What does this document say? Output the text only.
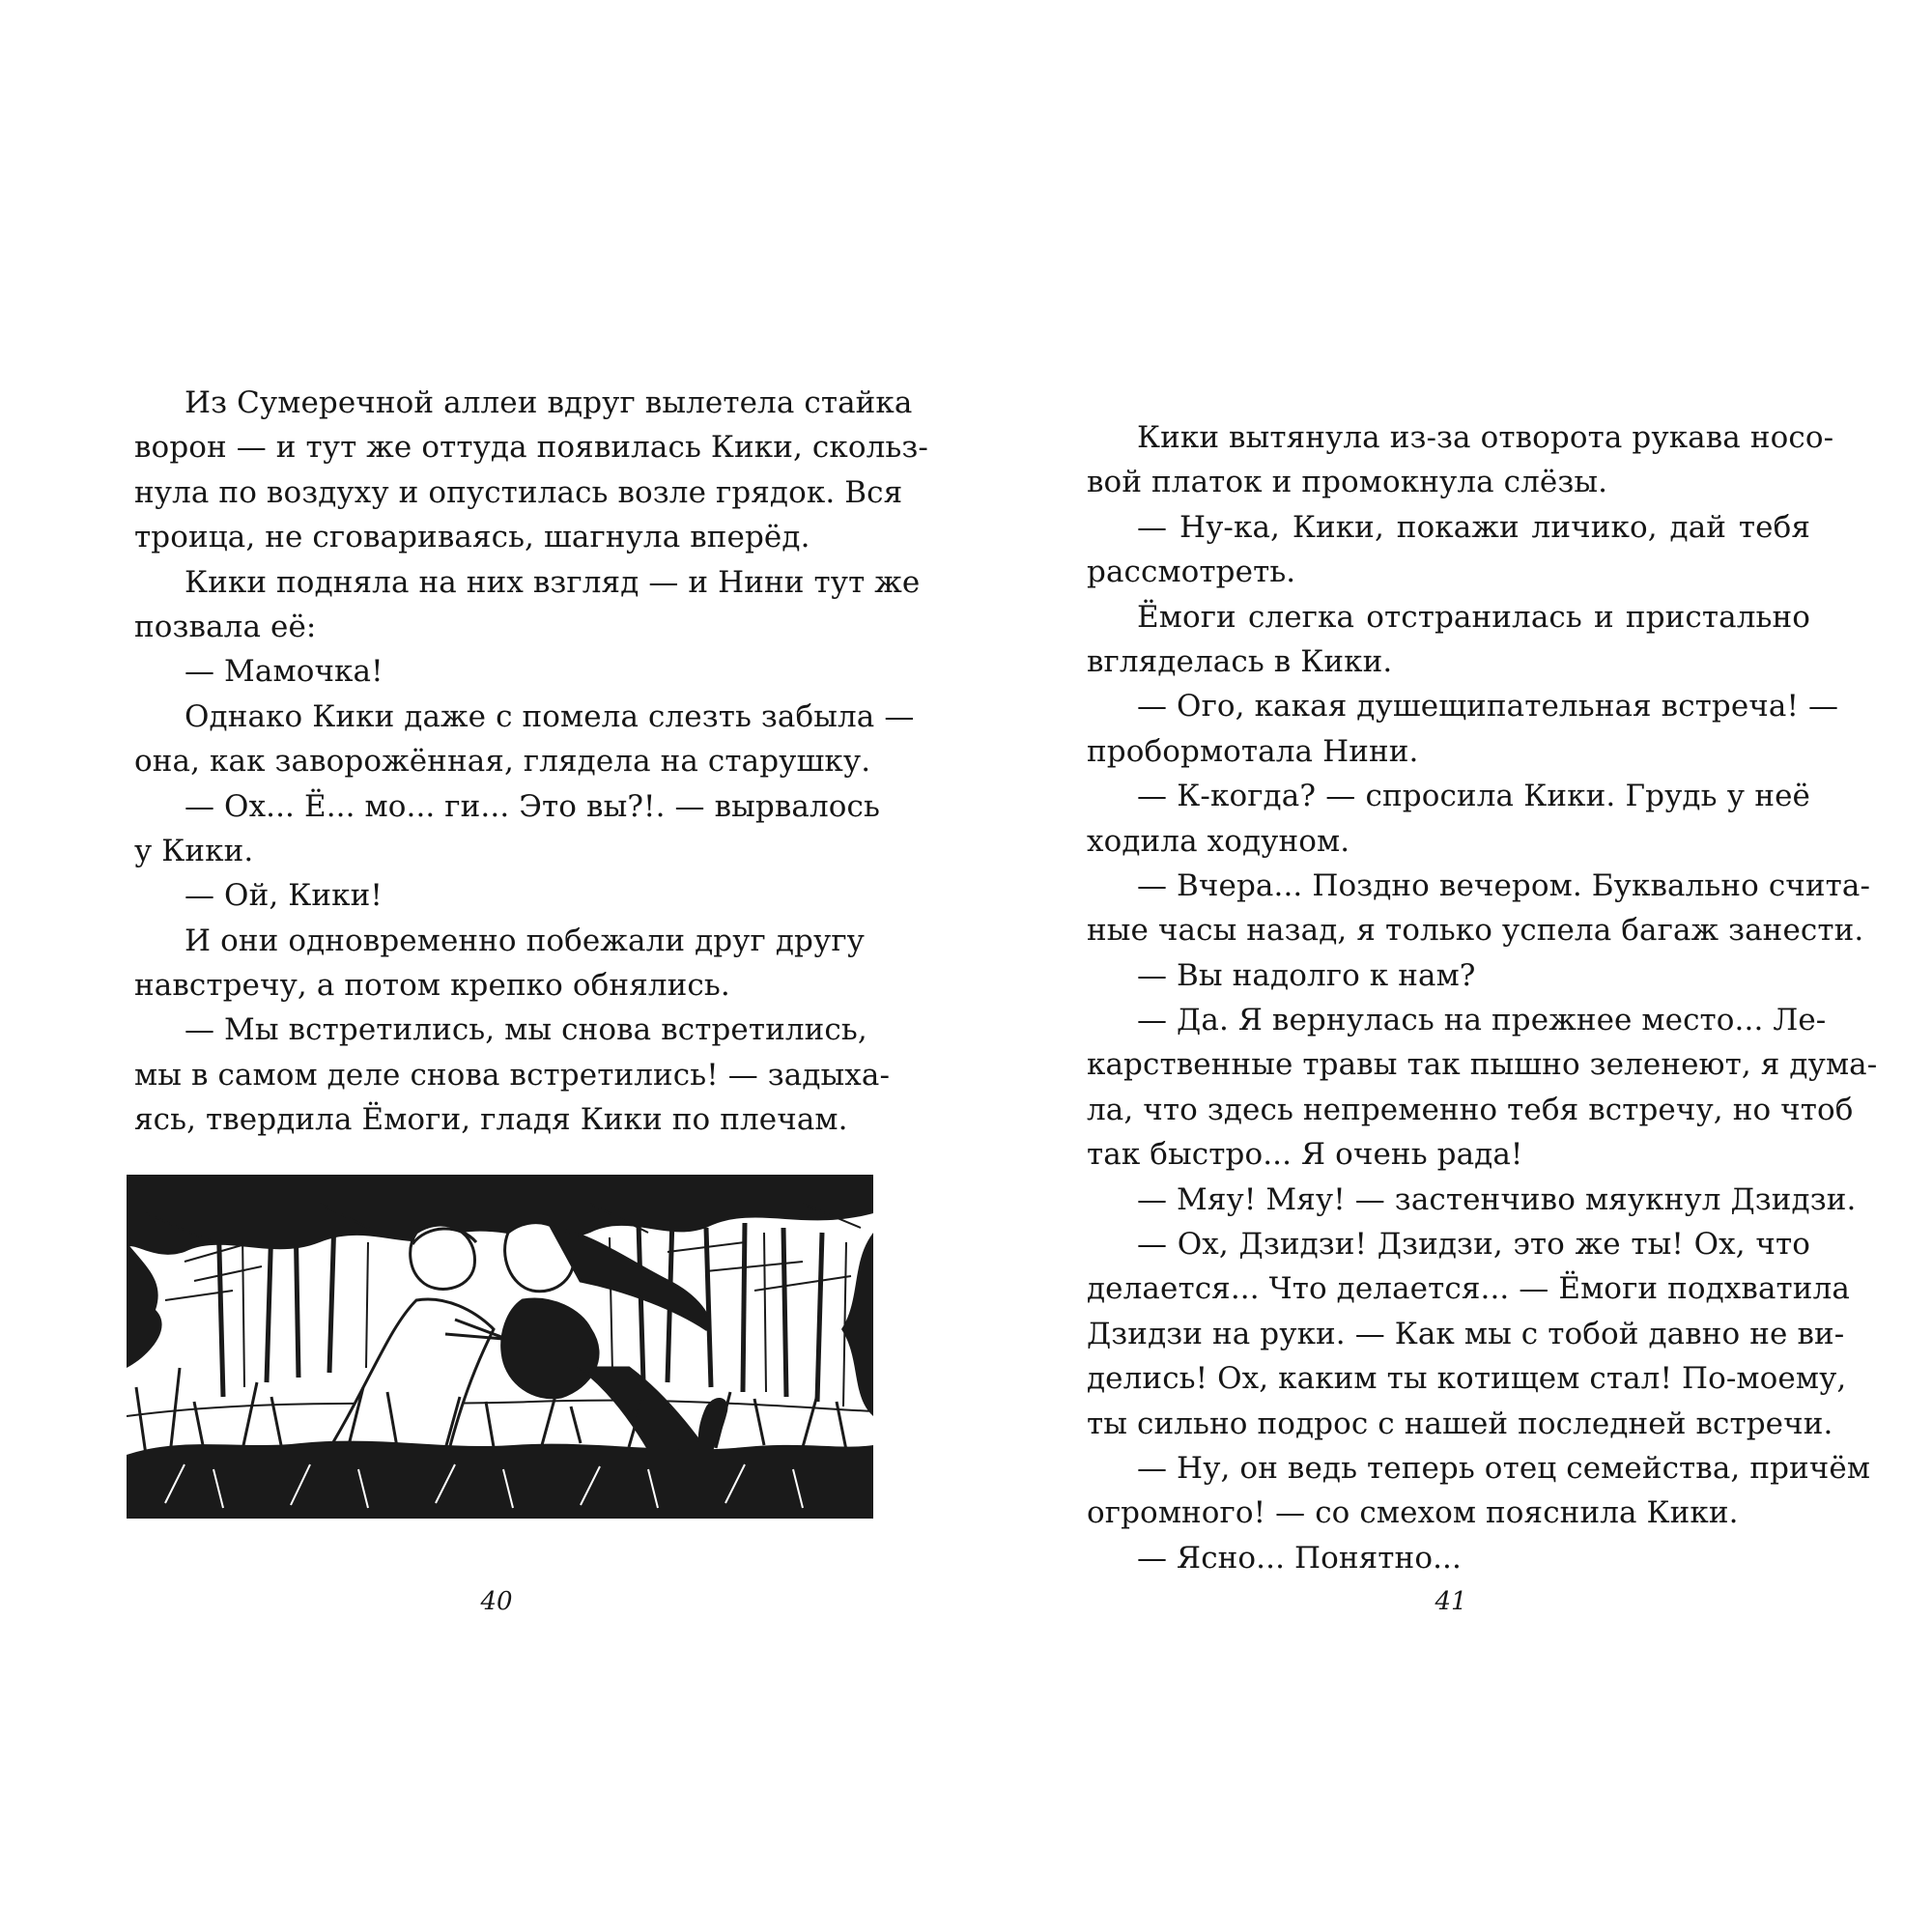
Из Сумеречной аллеи вдруг вылетела стайка
ворон — и тут же оттуда появилась Кики, скольз-
нула по воздуху и опустилась возле грядок. Вся
троица, не сговариваясь, шагнула вперёд.
Кики подняла на них взгляд — и Нини тут же
позвала её:
— Мамочка!
Однако Кики даже с помела слезть забыла —
она, как заворожённая, глядела на старушку.
— Ох... Ё... мо... ги... Это вы?!. — вырвалось
у Кики.
— Ой, Кики!
И они одновременно побежали друг другу
навстречу, а потом крепко обнялись.
— Мы встретились, мы снова встретились,
мы в самом деле снова встретились! — задыха-
ясь, твердила Ёмоги, гладя Кики по плечам.
40
Кики вытянула из-за отворота рукава носо-
вой платок и промокнула слёзы.
— Ну-ка, Кики, покажи личико, дай тебя
рассмотреть.
Ёмоги слегка отстранилась и пристально
вгляделась в Кики.
— Ого, какая душещипательная встреча! —
пробормотала Нини.
— К-когда? — спросила Кики. Грудь у неё
ходила ходуном.
— Вчера... Поздно вечером. Буквально счита-
ные часы назад, я только успела багаж занести.
— Вы надолго к нам?
— Да. Я вернулась на прежнее место... Ле-
карственные травы так пышно зеленеют, я дума-
ла, что здесь непременно тебя встречу, но чтоб
так быстро... Я очень рада!
— Мяу! Мяу! — застенчиво мяукнул Дзидзи.
— Ох, Дзидзи! Дзидзи, это же ты! Ох, что
делается... Что делается... — Ёмоги подхватила
Дзидзи на руки. — Как мы с тобой давно не ви-
делись! Ох, каким ты котищем стал! По-моему,
ты сильно подрос с нашей последней встречи.
— Ну, он ведь теперь отец семейства, причём
огромного! — со смехом пояснила Кики.
— Ясно... Понятно...
41
